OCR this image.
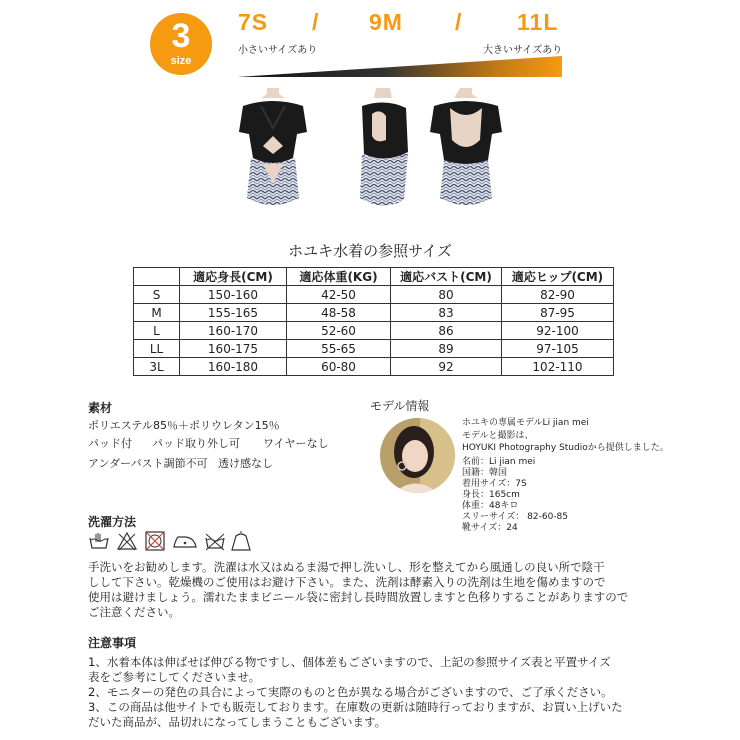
3
size
7S / 9M / 11L
小さいサイズあり	大きいサイズあり
ホユキ水着の参照サイズ
	適応身長(CM)	適応体重(KG)	適応バスト(CM)	適応ヒップ(CM)
S	150-160	42-50	80	82-90
M	155-165	48-58	83	87-95
L	160-170	52-60	86	92-100
LL	160-175	55-65	89	97-105
3L	160-180	60-80	92	102-110
素材
ポリエステル85％＋ポリウレタン15％
パッド付 パッド取り外し可 ワイヤーなし
アンダーバスト調節不可 透け感なし
モデル情報
ホユキの専属モデルLi jian mei
モデルと撮影は、
HOYUKI Photography Studioから提供しました。
名前：Li jian mei
国籍：韓国
着用サイズ：7S
身長：165cm
体重：48キロ
スリーサイズ： 82-60-85
靴サイズ：24
洗濯方法
手洗いをお勧めします。洗濯は水又はぬるま湯で押し洗いし、形を整えてから風通しの良い所で陰干
しして下さい。乾燥機のご使用はお避け下さい。また、洗剤は酵素入りの洗剤は生地を傷めますので
使用は避けましょう。濡れたままビニール袋に密封し長時間放置しますと色移りすることがありますので
ご注意ください。
注意事項
1、水着本体は伸ばせば伸びる物ですし、個体差もございますので、上記の参照サイズ表と平置サイズ
表をご参考にしてくださいませ。
2、モニターの発色の具合によって実際のものと色が異なる場合がございますので、ご了承ください。
3、この商品は他サイトでも販売しております。在庫数の更新は随時行っておりますが、お買い上げいた
だいた商品が、品切れになってしまうこともございます。
